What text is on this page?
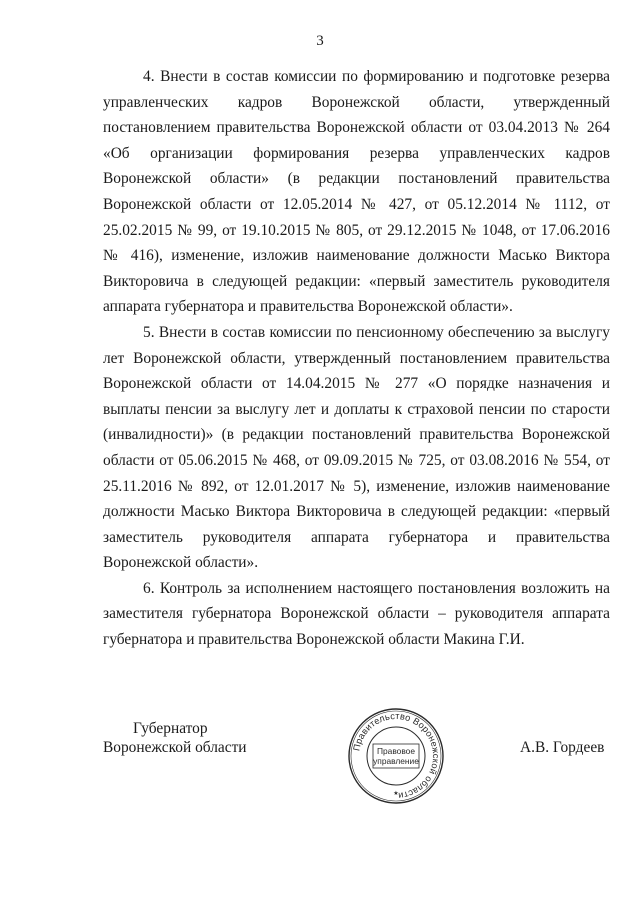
3

4. Внести в состав комиссии по формированию и подготовке резерва управленческих кадров Воронежской области, утвержденный постановлением правительства Воронежской области от 03.04.2013 № 264 «Об организации формирования резерва управленческих кадров Воронежской области» (в редакции постановлений правительства Воронежской области от 12.05.2014 № 427, от 05.12.2014 № 1112, от 25.02.2015 № 99, от 19.10.2015 № 805, от 29.12.2015 № 1048, от 17.06.2016 № 416), изменение, изложив наименование должности Масько Виктора Викторовича в следующей редакции: «первый заместитель руководителя аппарата губернатора и правительства Воронежской области».

5. Внести в состав комиссии по пенсионному обеспечению за выслугу лет Воронежской области, утвержденный постановлением правительства Воронежской области от 14.04.2015 № 277 «О порядке назначения и выплаты пенсии за выслугу лет и доплаты к страховой пенсии по старости (инвалидности)» (в редакции постановлений правительства Воронежской области от 05.06.2015 № 468, от 09.09.2015 № 725, от 03.08.2016 № 554, от 25.11.2016 № 892, от 12.01.2017 № 5), изменение, изложив наименование должности Масько Виктора Викторовича в следующей редакции: «первый заместитель руководителя аппарата губернатора и правительства Воронежской области».

6. Контроль за исполнением настоящего постановления возложить на заместителя губернатора Воронежской области – руководителя аппарата губернатора и правительства Воронежской области Макина Г.И.

Губернатор
Воронежской области	Правительство Воронежской области
Правовое
управление
★
А.В. Гордеев
